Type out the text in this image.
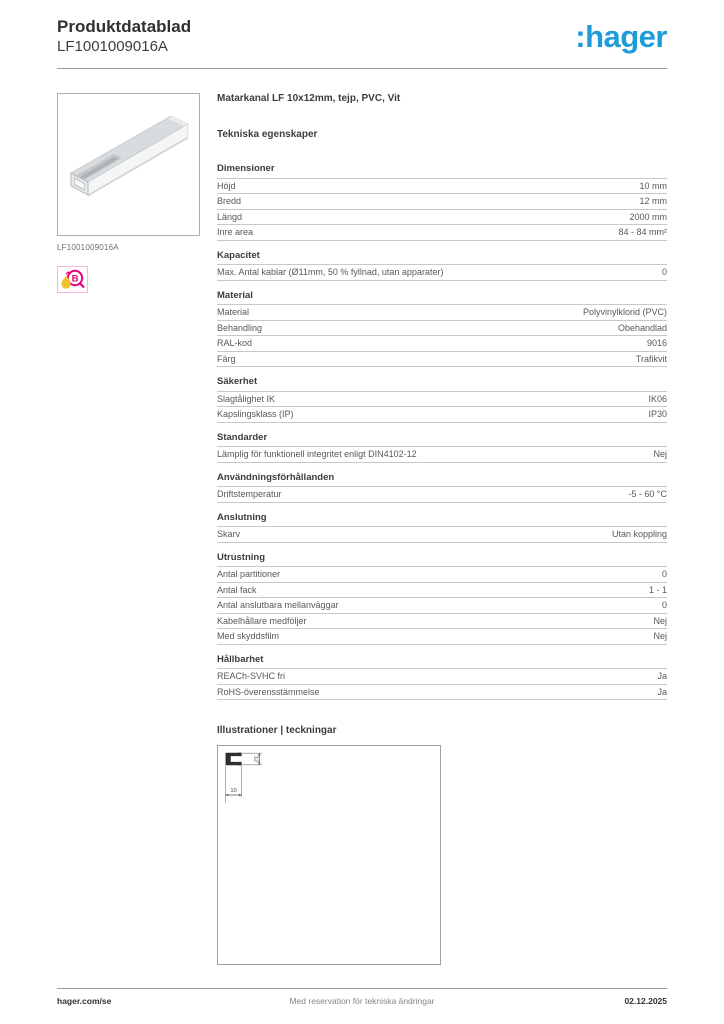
Produktdatablad
LF1001009016A	:hager
LF1001009016A
B
Matarkanal LF 10x12mm, tejp, PVC, Vit
Tekniska egenskaper
Dimensioner
Höjd	10 mm
Bredd	12 mm
Längd	2000 mm
Inre area	84 - 84 mm²
Kapacitet
Max. Antal kablar (Ø11mm, 50 % fyllnad, utan apparater)	0
Material
Material	Polyvinylklorid (PVC)
Behandling	Obehandlad
RAL-kod	9016
Färg	Trafikvit
Säkerhet
Slagtålighet IK	IK06
Kapslingsklass (IP)	IP30
Standarder
Lämplig för funktionell integritet enligt DIN4102-12	Nej
Användningsförhållanden
Driftstemperatur	-5 - 60 °C
Anslutning
Skarv	Utan koppling
Utrustning
Antal partitioner	0
Antal fack	1 - 1
Antal anslutbara mellanväggar	0
Kabelhållare medföljer	Nej
Med skyddsfilm	Nej
Hållbarhet
REACh-SVHC fri	Ja
RoHS-överensstämmelse	Ja
Illustrationer | teckningar
12
10
Med reservation för tekniska ändringar
hager.com/se	02.12.2025
